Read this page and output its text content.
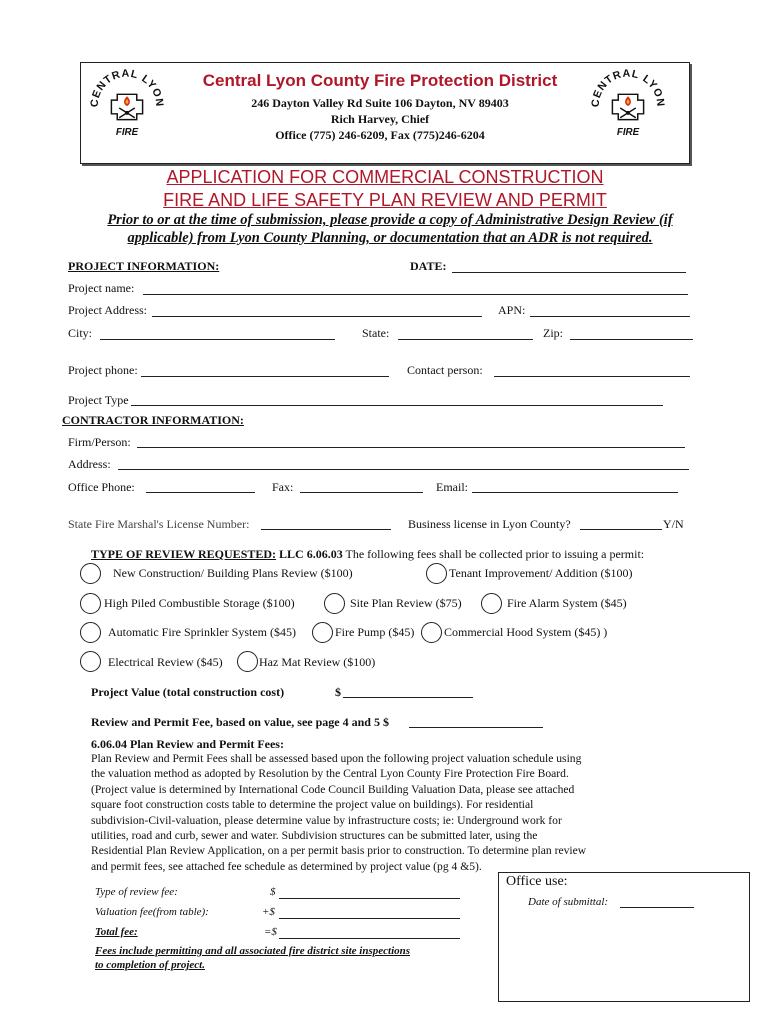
CENTRAL LYON
FIRE
CENTRAL LYON
FIRE
Central Lyon County Fire Protection District
246 Dayton Valley Rd Suite 106 Dayton, NV 89403
Rich Harvey, Chief
Office (775) 246-6209, Fax (775)246-6204
APPLICATION FOR COMMERCIAL CONSTRUCTION
FIRE AND LIFE SAFETY PLAN REVIEW AND PERMIT
Prior to or at the time of submission, please provide a copy of Administrative Design Review (if
applicable) from Lyon County Planning, or documentation that an ADR is not required.
PROJECT INFORMATION:	DATE:
Project name:
Project Address:	APN:
City:	State:	Zip:
Project phone:	Contact person:
Project Type
CONTRACTOR INFORMATION:
Firm/Person:
Address:
Office Phone:	Fax:	Email:
State Fire Marshal's License Number:	Business license in Lyon County?	Y/N
TYPE OF REVIEW REQUESTED: LLC 6.06.03 The following fees shall be collected prior to issuing a permit:
New Construction/ Building Plans Review ($100)	Tenant Improvement/ Addition ($100)
High Piled Combustible Storage ($100)	Site Plan Review ($75)	Fire Alarm System ($45)
Automatic Fire Sprinkler System ($45)	Fire Pump ($45) Commercial Hood System ($45) )
Electrical Review ($45)	Haz Mat Review ($100)
Project Value (total construction cost)	$
Review and Permit Fee, based on value, see page 4 and 5 $
6.06.04 Plan Review and Permit Fees:
Plan Review and Permit Fees shall be assessed based upon the following project valuation schedule using
the valuation method as adopted by Resolution by the Central Lyon County Fire Protection Fire Board.
(Project value is determined by International Code Council Building Valuation Data, please see attached
square foot construction costs table to determine the project value on buildings). For residential
subdivision-Civil-valuation, please determine value by infrastructure costs; ie: Underground work for
utilities, road and curb, sewer and water. Subdivision structures can be submitted later, using the
Residential Plan Review Application, on a per permit basis prior to construction. To determine plan review
and permit fees, see attached fee schedule as determined by project value (pg 4 &5).
Type of review fee:	$
Valuation fee(from table):	+$
Total fee:	=$
Fees include permitting and all associated fire district site inspections
to completion of project.
Office use:
Date of submittal:
